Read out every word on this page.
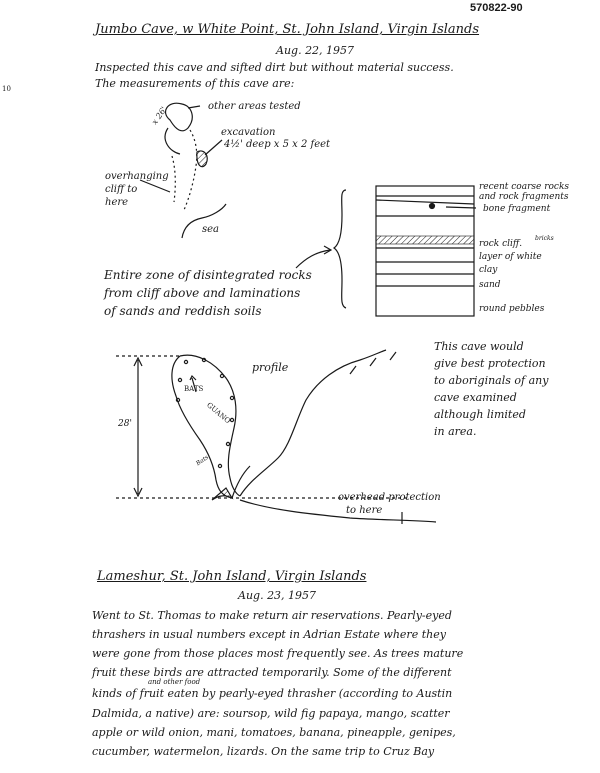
570822-90
10
Jumbo Cave, w White Point, St. John Island, Virgin Islands
Aug. 22, 1957
Inspected this cave and sifted dirt but without material success.
The measurements of this cave are:
other areas tested
x 26'
excavation
4½' deep x 5 x 2 feet
overhanging
cliff to
here
sea
Entire zone of disintegrated rocks
from cliff above and laminations
of sands and reddish soils
recent coarse rocks
and rock fragments
bone fragment
rock cliff.
bricks
layer of white
clay
sand
round pebbles
profile
BATS
GUANO
Bats
28'
overhead protection
to here
This cave would
give best protection
to aboriginals of any
cave examined
although limited
in area.
Lameshur, St. John Island, Virgin Islands
Aug. 23, 1957
Went to St. Thomas to make return air reservations. Pearly-eyed
thrashers in usual numbers except in Adrian Estate where they
were gone from those places most frequently see. As trees mature
fruit these birds are attracted temporarily. Some of the different
and other food
kinds of fruit eaten by pearly-eyed thrasher (according to Austin
Dalmida, a native) are: soursop, wild fig papaya, mango, scatter
apple or wild onion, mani, tomatoes, banana, pineapple, genipes,
cucumber, watermelon, lizards. On the same trip to Cruz Bay
